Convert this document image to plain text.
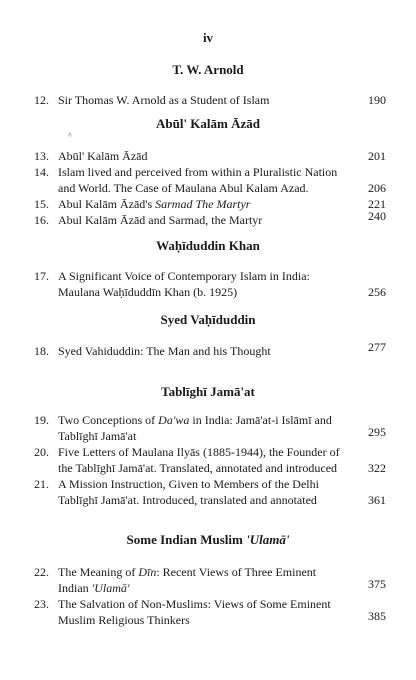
iv
T. W. Arnold
12. Sir Thomas W. Arnold as a Student of Islam	190
Abūl' Kalām Āzād
^
13. Abūl' Kalām Āzād	201
14. Islam lived and perceived from within a Pluralistic Nation
and World. The Case of Maulana Abul Kalam Azad.	206
15. Abul Kalām Āzād's Sarmad The Martyr	221
16. Abul Kalām Āzād and Sarmad, the Martyr	240
Waḥīduddin Khan
17. A Significant Voice of Contemporary Islam in India:
Maulana Waḥīduddīn Khan (b. 1925)	256
Syed Vaḥīduddin
18. Syed Vahiduddin: The Man and his Thought	277
Tablīghī Jamā'at
19. Two Conceptions of Da'wa in India: Jamā'at-i Islāmī and
Tablīghī Jamā'at	295
20. Five Letters of Maulana Ilyās (1885-1944), the Founder of
the Tablīghī Jamā'at. Translated, annotated and introduced	322
21. A Mission Instruction, Given to Members of the Delhi
Tablīghī Jamā'at. Introduced, translated and annotated	361
Some Indian Muslim 'Ulamā'
22. The Meaning of Dīn: Recent Views of Three Eminent
Indian 'Ulamā'	375
23. The Salvation of Non-Muslims: Views of Some Eminent
Muslim Religious Thinkers	385
